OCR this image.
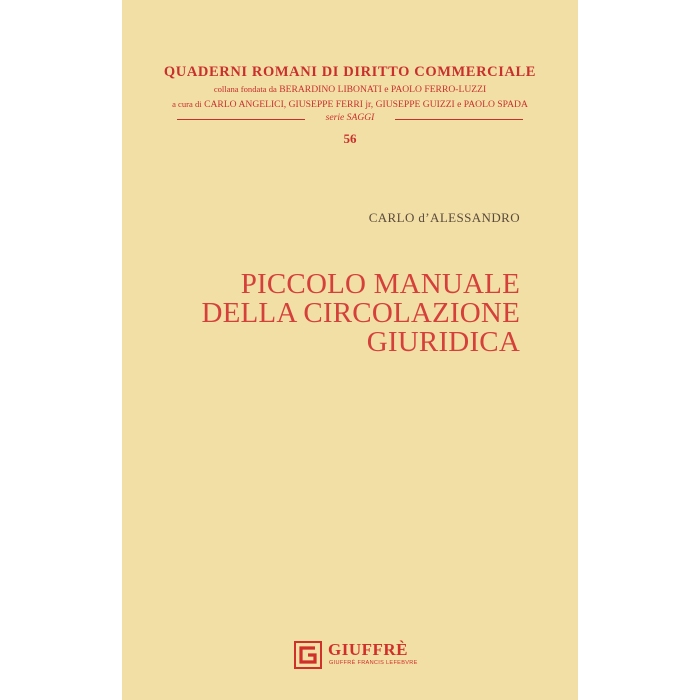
QUADERNI ROMANI DI DIRITTO COMMERCIALE
collana fondata da BERARDINO LIBONATI e PAOLO FERRO-LUZZI
a cura di CARLO ANGELICI, GIUSEPPE FERRI jr, GIUSEPPE GUIZZI e PAOLO SPADA
serie SAGGI
56
CARLO d’ALESSANDRO
PICCOLO MANUALE
DELLA CIRCOLAZIONE
GIURIDICA
GIUFFRÈ
GIUFFRÈ FRANCIS LEFEBVRE
